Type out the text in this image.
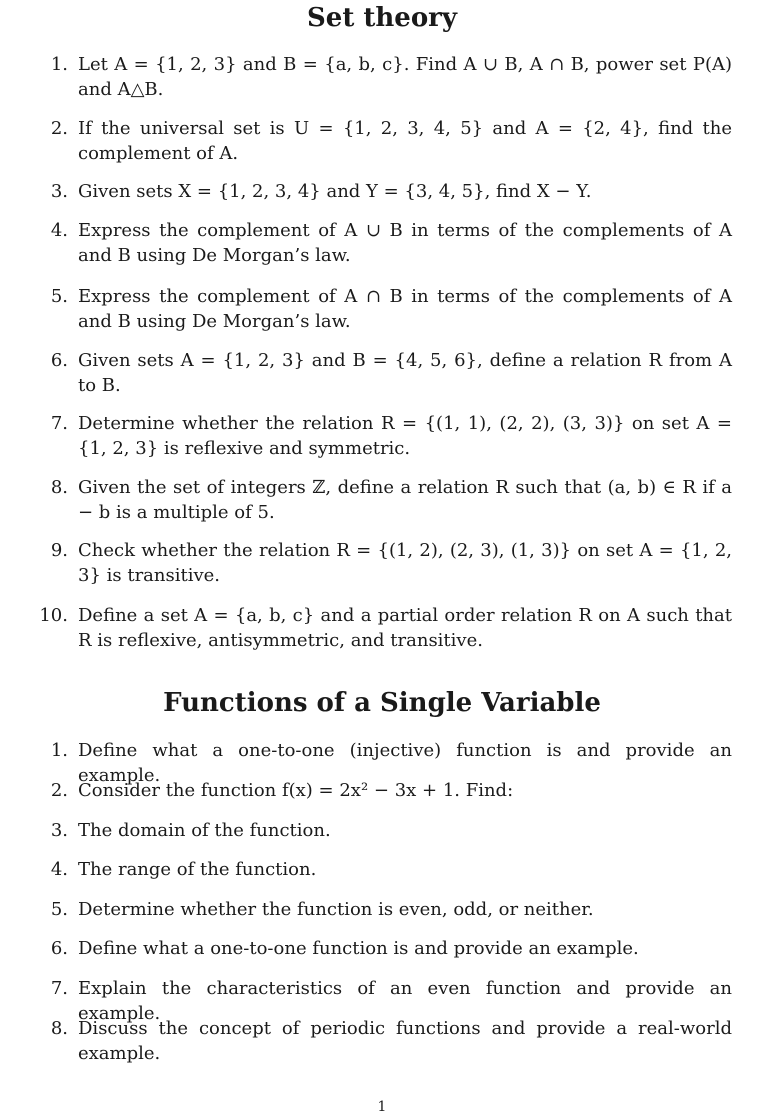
Set theory
1. Let A = {1, 2, 3} and B = {a, b, c}. Find A ∪ B, A ∩ B, power set P(A) and A△B.
2. If the universal set is U = {1, 2, 3, 4, 5} and A = {2, 4}, find the complement of A.
3. Given sets X = {1, 2, 3, 4} and Y = {3, 4, 5}, find X − Y.
4. Express the complement of A ∪ B in terms of the complements of A and B using De Morgan’s law.
5. Express the complement of A ∩ B in terms of the complements of A and B using De Morgan’s law.
6. Given sets A = {1, 2, 3} and B = {4, 5, 6}, define a relation R from A to B.
7. Determine whether the relation R = {(1, 1), (2, 2), (3, 3)} on set A = {1, 2, 3} is reflexive and symmetric.
8. Given the set of integers ℤ, define a relation R such that (a, b) ∈ R if a − b is a multiple of 5.
9. Check whether the relation R = {(1, 2), (2, 3), (1, 3)} on set A = {1, 2, 3} is transitive.
10. Define a set A = {a, b, c} and a partial order relation R on A such that R is reflexive, antisymmetric, and transitive.
Functions of a Single Variable
1. Define what a one-to-one (injective) function is and provide an example.
2. Consider the function f(x) = 2x² − 3x + 1. Find:
3. The domain of the function.
4. The range of the function.
5. Determine whether the function is even, odd, or neither.
6. Define what a one-to-one function is and provide an example.
7. Explain the characteristics of an even function and provide an example.
8. Discuss the concept of periodic functions and provide a real-world example.
1
